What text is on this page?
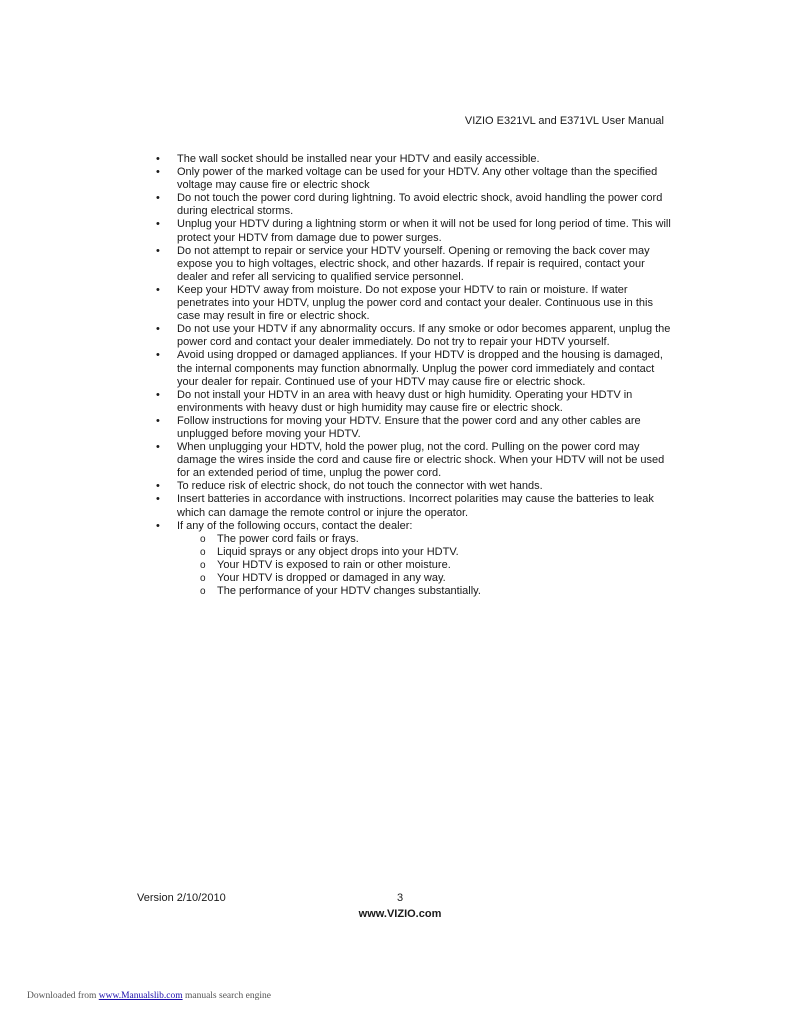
VIZIO E321VL and E371VL User Manual
• The wall socket should be installed near your HDTV and easily accessible.
• Only power of the marked voltage can be used for your HDTV. Any other voltage than the specified voltage may cause fire or electric shock
• Do not touch the power cord during lightning. To avoid electric shock, avoid handling the power cord during electrical storms.
• Unplug your HDTV during a lightning storm or when it will not be used for long period of time. This will protect your HDTV from damage due to power surges.
• Do not attempt to repair or service your HDTV yourself. Opening or removing the back cover may expose you to high voltages, electric shock, and other hazards. If repair is required, contact your dealer and refer all servicing to qualified service personnel.
• Keep your HDTV away from moisture. Do not expose your HDTV to rain or moisture. If water penetrates into your HDTV, unplug the power cord and contact your dealer. Continuous use in this case may result in fire or electric shock.
• Do not use your HDTV if any abnormality occurs. If any smoke or odor becomes apparent, unplug the power cord and contact your dealer immediately. Do not try to repair your HDTV yourself.
• Avoid using dropped or damaged appliances. If your HDTV is dropped and the housing is damaged, the internal components may function abnormally. Unplug the power cord immediately and contact your dealer for repair. Continued use of your HDTV may cause fire or electric shock.
• Do not install your HDTV in an area with heavy dust or high humidity. Operating your HDTV in environments with heavy dust or high humidity may cause fire or electric shock.
• Follow instructions for moving your HDTV. Ensure that the power cord and any other cables are unplugged before moving your HDTV.
• When unplugging your HDTV, hold the power plug, not the cord. Pulling on the power cord may damage the wires inside the cord and cause fire or electric shock. When your HDTV will not be used for an extended period of time, unplug the power cord.
• To reduce risk of electric shock, do not touch the connector with wet hands.
• Insert batteries in accordance with instructions. Incorrect polarities may cause the batteries to leak which can damage the remote control or injure the operator.
• If any of the following occurs, contact the dealer:
o The power cord fails or frays.
o Liquid sprays or any object drops into your HDTV.
o Your HDTV is exposed to rain or other moisture.
o Your HDTV is dropped or damaged in any way.
o The performance of your HDTV changes substantially.
Version 2/10/2010	3
www.VIZIO.com
Downloaded from www.Manualslib.com manuals search engine
